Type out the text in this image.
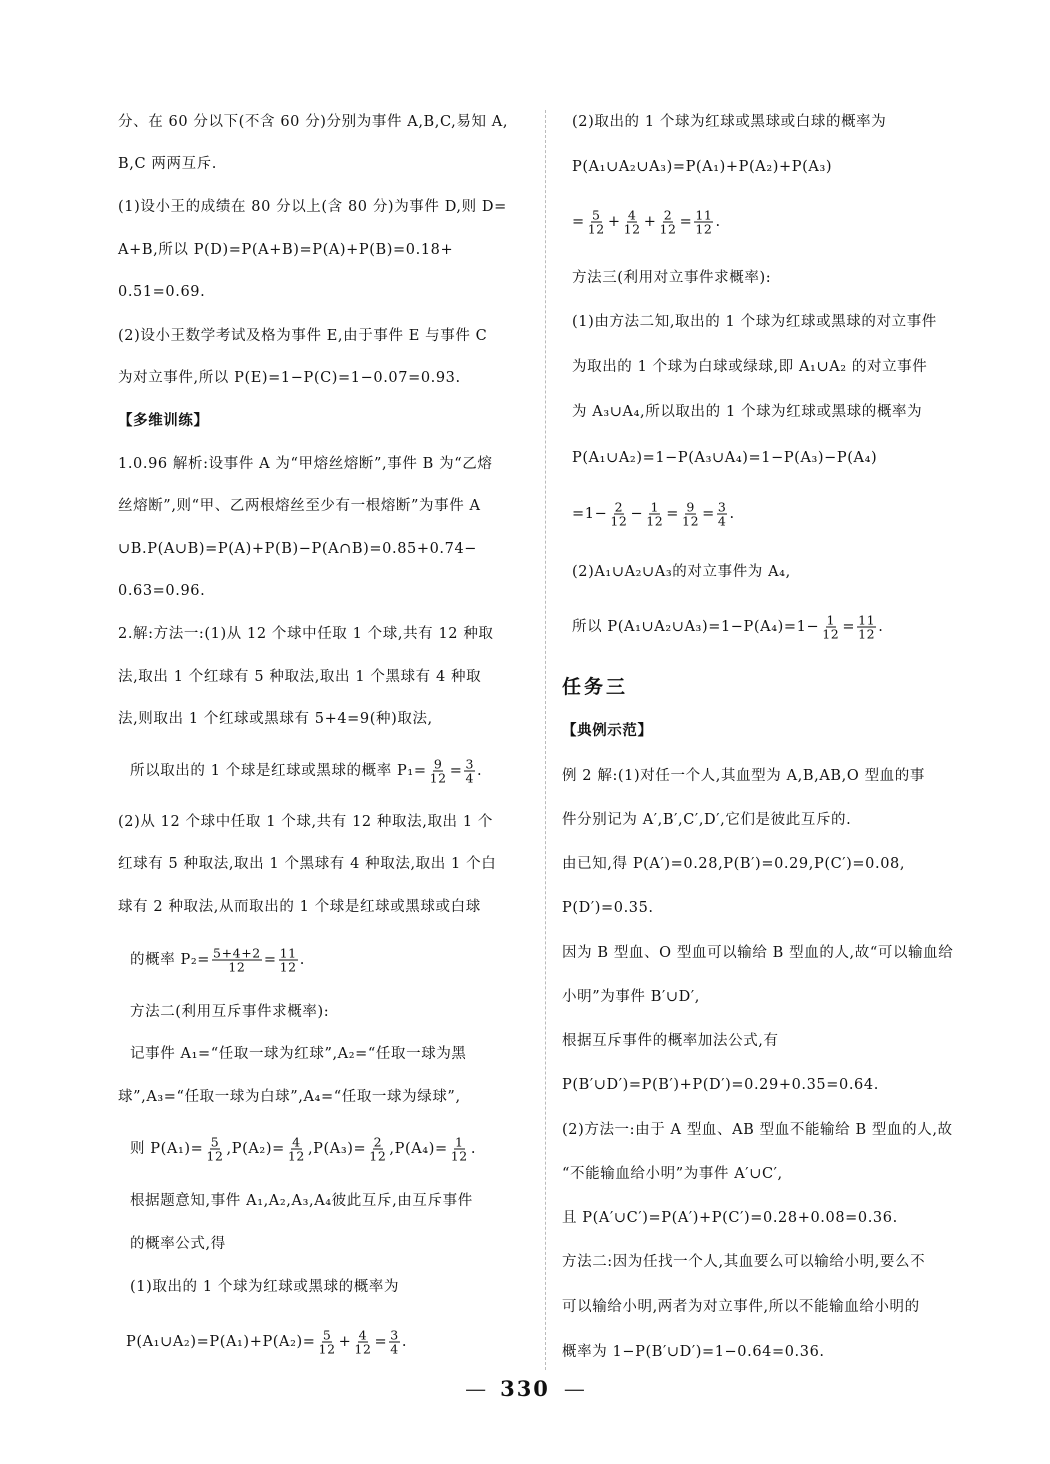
分、在 60 分以下(不含 60 分)分别为事件 A,B,C,易知 A,
B,C 两两互斥.
(1)设小王的成绩在 80 分以上(含 80 分)为事件 D,则 D=
A+B,所以 P(D)=P(A+B)=P(A)+P(B)=0.18+
0.51=0.69.
(2)设小王数学考试及格为事件 E,由于事件 E 与事件 C
为对立事件,所以 P(E)=1−P(C)=1−0.07=0.93.
【多维训练】
1.0.96 解析:设事件 A 为“甲熔丝熔断”,事件 B 为“乙熔
丝熔断”,则“甲、乙两根熔丝至少有一根熔断”为事件 A
∪B.P(A∪B)=P(A)+P(B)−P(A∩B)=0.85+0.74−
0.63=0.96.
2.解:方法一:(1)从 12 个球中任取 1 个球,共有 12 种取
法,取出 1 个红球有 5 种取法,取出 1 个黑球有 4 种取
法,则取出 1 个红球或黑球有 5+4=9(种)取法,
所以取出的 1 个球是红球或黑球的概率 $P_1= \frac{9}{12} = \frac{3}{4}$ .
(2)从 12 个球中任取 1 个球,共有 12 种取法,取出 1 个
红球有 5 种取法,取出 1 个黑球有 4 种取法,取出 1 个白
球有 2 种取法,从而取出的 1 个球是红球或黑球或白球
的概率 $P_2= \frac{5+4+2}{12} = \frac{11}{12}$ .
方法二(利用互斥事件求概率):
记事件 A₁=“任取一球为红球”,A₂=“任取一球为黑
球”,A₃=“任取一球为白球”,A₄=“任取一球为绿球”,
则 $P(A_1)= \frac{5}{12} ,P(A_2)= \frac{4}{12} ,P(A_3)= \frac{2}{12} ,P(A_4)= \frac{1}{12}$ .
根据题意知,事件 A₁,A₂,A₃,A₄彼此互斥,由互斥事件
的概率公式,得
(1)取出的 1 个球为红球或黑球的概率为
P(A₁∪A₂)=P(A₁)+P(A₂)= $\frac{5}{12} + \frac{4}{12} = \frac{3}{4}$ .
(2)取出的 1 个球为红球或黑球或白球的概率为
P(A₁∪A₂∪A₃)=P(A₁)+P(A₂)+P(A₃)
= $\frac{5}{12} + \frac{4}{12} + \frac{2}{12} = \frac{11}{12}$ .
方法三(利用对立事件求概率):
(1)由方法二知,取出的 1 个球为红球或黑球的对立事件
为取出的 1 个球为白球或绿球,即 A₁∪A₂ 的对立事件
为 A₃∪A₄,所以取出的 1 个球为红球或黑球的概率为
P(A₁∪A₂)=1−P(A₃∪A₄)=1−P(A₃)−P(A₄)
$=1- \frac{2}{12} - \frac{1}{12} = \frac{9}{12} = \frac{3}{4}$ .
(2)A₁∪A₂∪A₃的对立事件为 A₄,
所以 P(A₁∪A₂∪A₃)=1−P(A₄)=1− $\frac{1}{12} = \frac{11}{12}$ .
任务三
【典例示范】
例 2 解:(1)对任一个人,其血型为 A,B,AB,O 型血的事
件分别记为 A′,B′,C′,D′,它们是彼此互斥的.
由已知,得 P(A′)=0.28,P(B′)=0.29,P(C′)=0.08,
P(D′)=0.35.
因为 B 型血、O 型血可以输给 B 型血的人,故“可以输血给
小明”为事件 B′∪D′,
根据互斥事件的概率加法公式,有
P(B′∪D′)=P(B′)+P(D′)=0.29+0.35=0.64.
(2)方法一:由于 A 型血、AB 型血不能输给 B 型血的人,故
“不能输血给小明”为事件 A′∪C′,
且 P(A′∪C′)=P(A′)+P(C′)=0.28+0.08=0.36.
方法二:因为任找一个人,其血要么可以输给小明,要么不
可以输给小明,两者为对立事件,所以不能输血给小明的
概率为 1−P(B′∪D′)=1−0.64=0.36.
— 330 —
